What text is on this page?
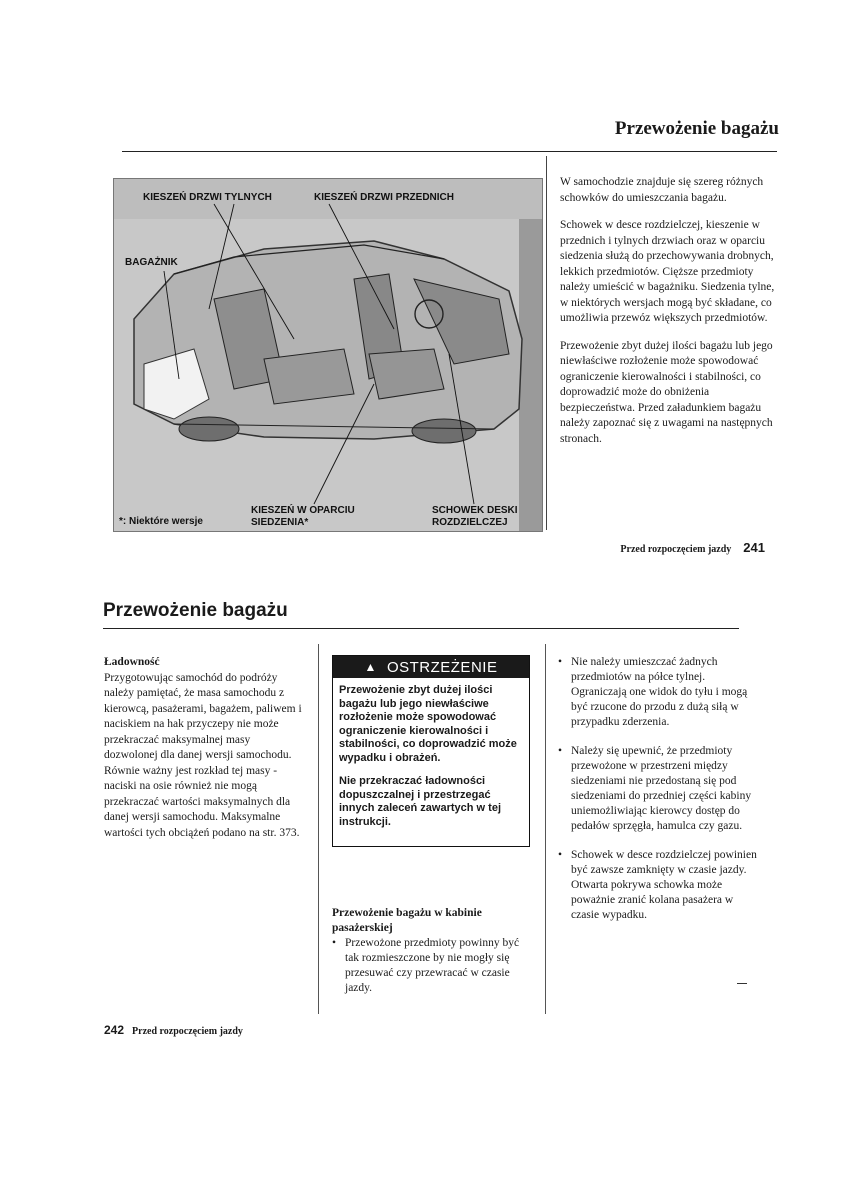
Przewożenie bagażu
KIESZEŃ DRZWI TYLNYCH	KIESZEŃ DRZWI PRZEDNICH
BAGAŻNIK
*: Niektóre wersje
KIESZEŃ W OPARCIU
SIEDZENIA*
SCHOWEK DESKI
ROZDZIELCZEJ

W samochodzie znajduje się szereg różnych schowków do umieszczania bagażu.

Schowek w desce rozdzielczej, kieszenie w przednich i tylnych drzwiach oraz w oparciu siedzenia służą do przechowywania drobnych, lekkich przedmiotów. Cięższe przedmioty należy umieścić w bagażniku. Siedzenia tylne, w niektórych wersjach mogą być składane, co umożliwia przewóz większych przedmiotów.

Przewożenie zbyt dużej ilości bagażu lub jego niewłaściwe rozłożenie może spowodować ograniczenie kierowalności i stabilności, co doprowadzić może do obniżenia bezpieczeństwa. Przed załadunkiem bagażu należy zapoznać się z uwagami na następnych stronach.

Przed rozpoczęciem jazdy 241
Przewożenie bagażu
Ładowność
Przygotowując samochód do podróży należy pamiętać, że masa samochodu z kierowcą, pasażerami, bagażem, paliwem i naciskiem na hak przyczepy nie może przekraczać maksymalnej masy dozwolonej dla danej wersji samochodu. Równie ważny jest rozkład tej masy - naciski na osie również nie mogą przekraczać wartości maksymalnych dla danej wersji samochodu. Maksymalne wartości tych obciążeń podano na str. 373.
▲ OSTRZEŻENIE

Przewożenie zbyt dużej ilości bagażu lub jego niewłaściwe rozłożenie może spowodować ograniczenie kierowalności i stabilności, co doprowadzić może wypadku i obrażeń.

Nie przekraczać ładowności dopuszczalnej i przestrzegać innych zaleceń zawartych w tej instrukcji.

Przewożenie bagażu w kabinie pasażerskiej
• Przewożone przedmioty powinny być tak rozmieszczone by nie mogły się przesuwać czy przewracać w czasie jazdy.
• Nie należy umieszczać żadnych przedmiotów na półce tylnej. Ograniczają one widok do tyłu i mogą być rzucone do przodu z dużą siłą w przypadku zderzenia.
• Należy się upewnić, że przedmioty przewożone w przestrzeni między siedzeniami nie przedostaną się pod siedzeniami do przedniej części kabiny uniemożliwiając kierowcy dostęp do pedałów sprzęgła, hamulca czy gazu.
• Schowek w desce rozdzielczej powinien być zawsze zamknięty w czasie jazdy. Otwarta pokrywa schowka może poważnie zranić kolana pasażera w czasie wypadku.
242 Przed rozpoczęciem jazdy
